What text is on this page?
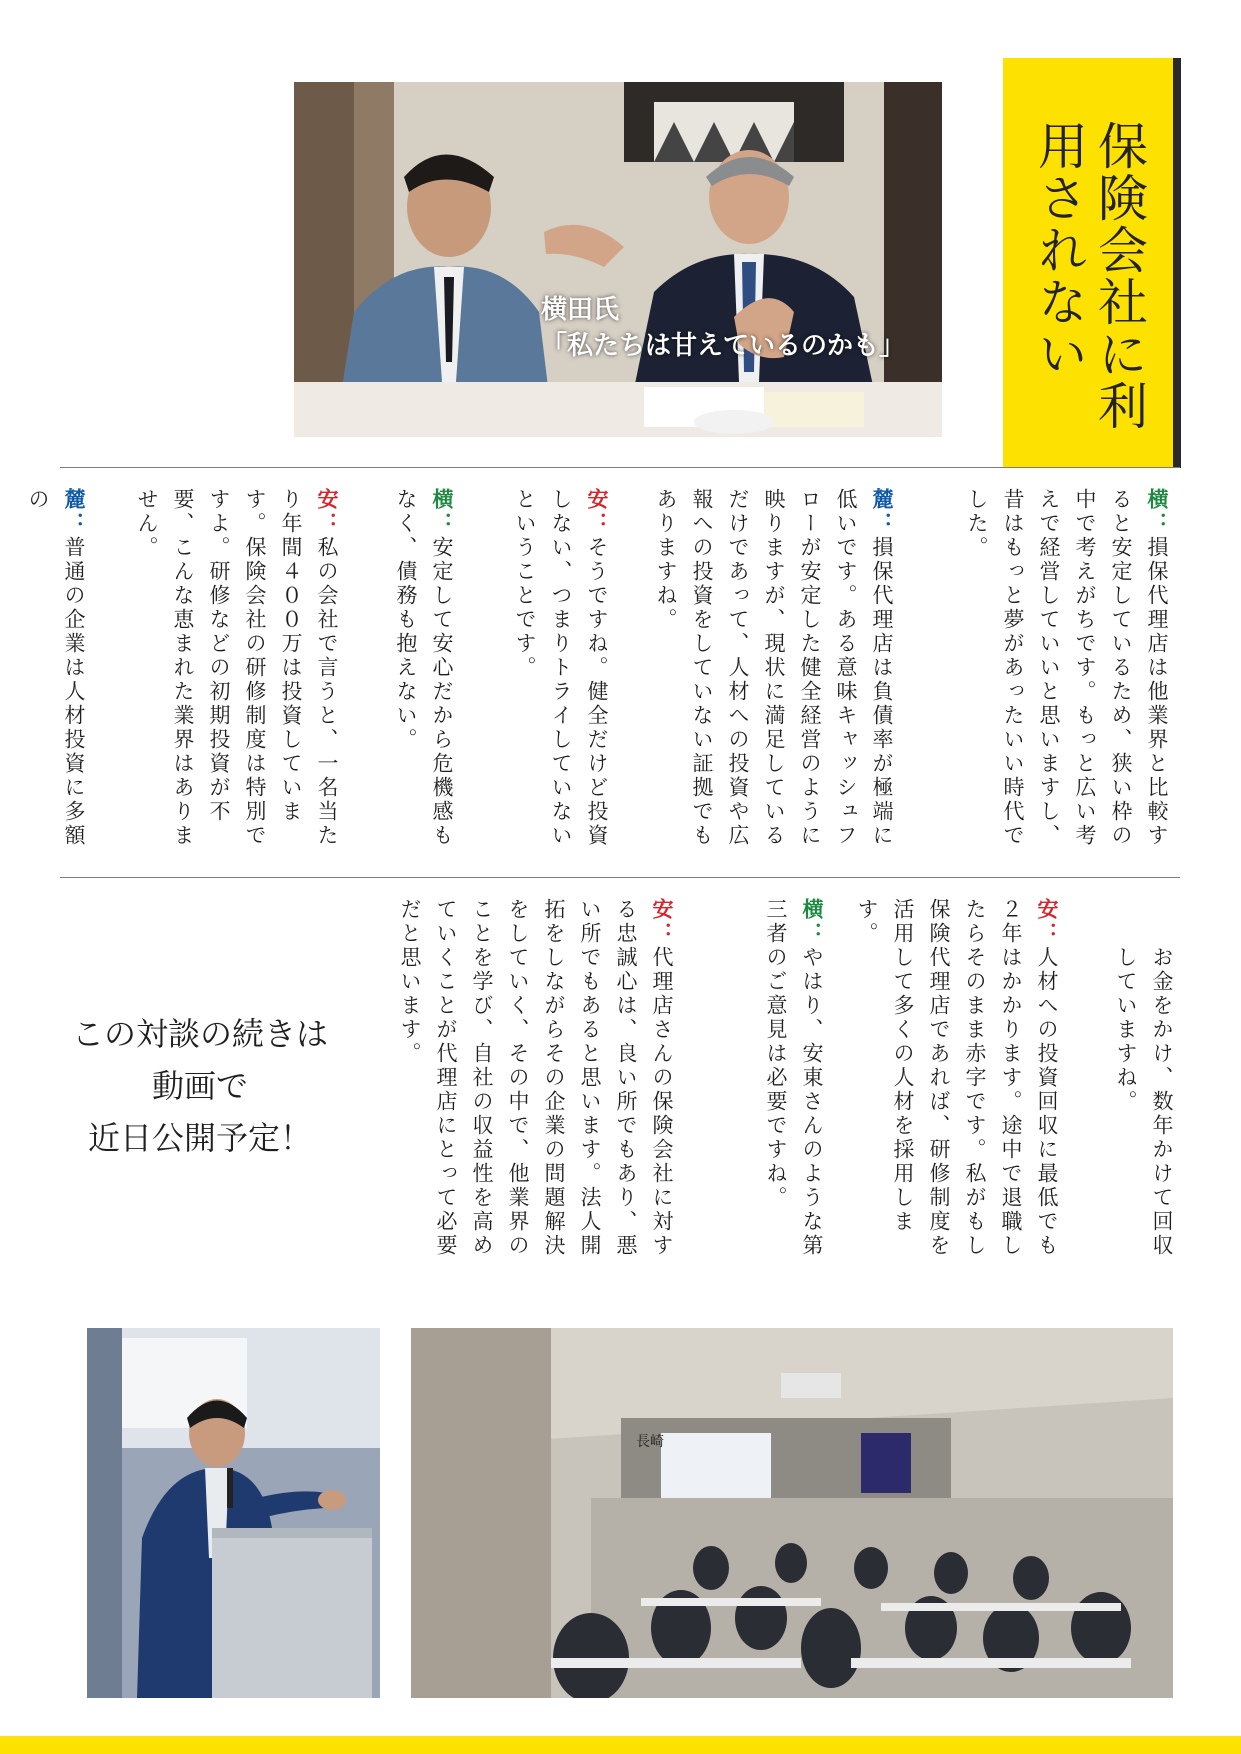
横田氏
「私たちは甘えているのかも」	保険会社に利用されない

横：損保代理店は他業界と比較すると安定しているため、狭い枠の中で考えがちです。もっと広い考えで経営していいと思いますし、昔はもっと夢があったいい時代でした。

麓：損保代理店は負債率が極端に低いです。ある意味キャッシュフローが安定した健全経営のように映りますが、現状に満足しているだけであって、人材への投資や広報への投資をしていない証拠でもありますね。

安：そうですね。健全だけど投資しない、つまりトライしていないということです。

横：安定して安心だから危機感もなく、債務も抱えない。

安：私の会社で言うと、一名当たり年間４００万は投資しています。保険会社の研修制度は特別ですよ。研修などの初期投資が不要、こんな恵まれた業界はありません。

麓：普通の企業は人材投資に多額の

お金をかけ、数年かけて回収していますね。

安：人材への投資回収に最低でも２年はかかります。途中で退職したらそのまま赤字です。私がもし保険代理店であれば、研修制度を活用して多くの人材を採用します。

横：やはり、安東さんのような第三者のご意見は必要ですね。

安：代理店さんの保険会社に対する忠誠心は、良い所でもあり、悪い所でもあると思います。法人開拓をしながらその企業の問題解決をしていく、その中で、他業界のことを学び、自社の収益性を高めていくことが代理店にとって必要だと思います。

この対談の続きは
動画で
近日公開予定！
長崎
